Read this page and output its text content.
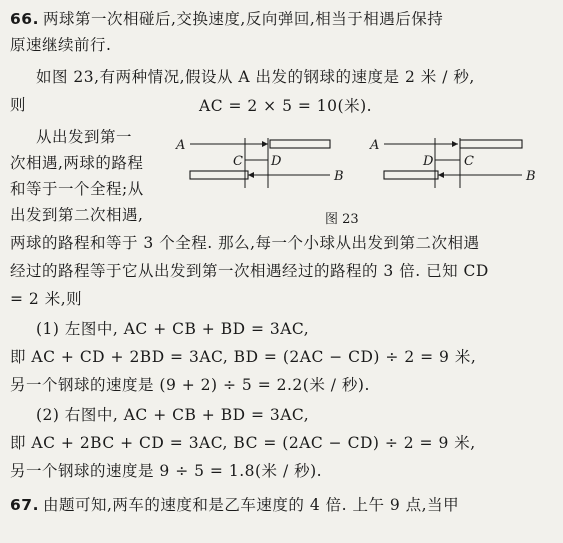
66. 两球第一次相碰后,交换速度,反向弹回,相当于相遇后保持
原速继续前行.
如图 23,有两种情况,假设从 A 出发的钢球的速度是 2 米 / 秒,
则	AC = 2 × 5 = 10(米).
从出发到第一
次相遇,两球的路程
和等于一个全程;从
出发到第二次相遇,
A
C D
B
A
D C
B
图 23
两球的路程和等于 3 个全程. 那么,每一个小球从出发到第二次相遇
经过的路程等于它从出发到第一次相遇经过的路程的 3 倍. 已知 CD
= 2 米,则
(1) 左图中, AC + CB + BD = 3AC,
即 AC + CD + 2BD = 3AC, BD = (2AC − CD) ÷ 2 = 9 米,
另一个钢球的速度是 (9 + 2) ÷ 5 = 2.2(米 / 秒).
(2) 右图中, AC + CB + BD = 3AC,
即 AC + 2BC + CD = 3AC, BC = (2AC − CD) ÷ 2 = 9 米,
另一个钢球的速度是 9 ÷ 5 = 1.8(米 / 秒).
67. 由题可知,两车的速度和是乙车速度的 4 倍. 上午 9 点,当甲
